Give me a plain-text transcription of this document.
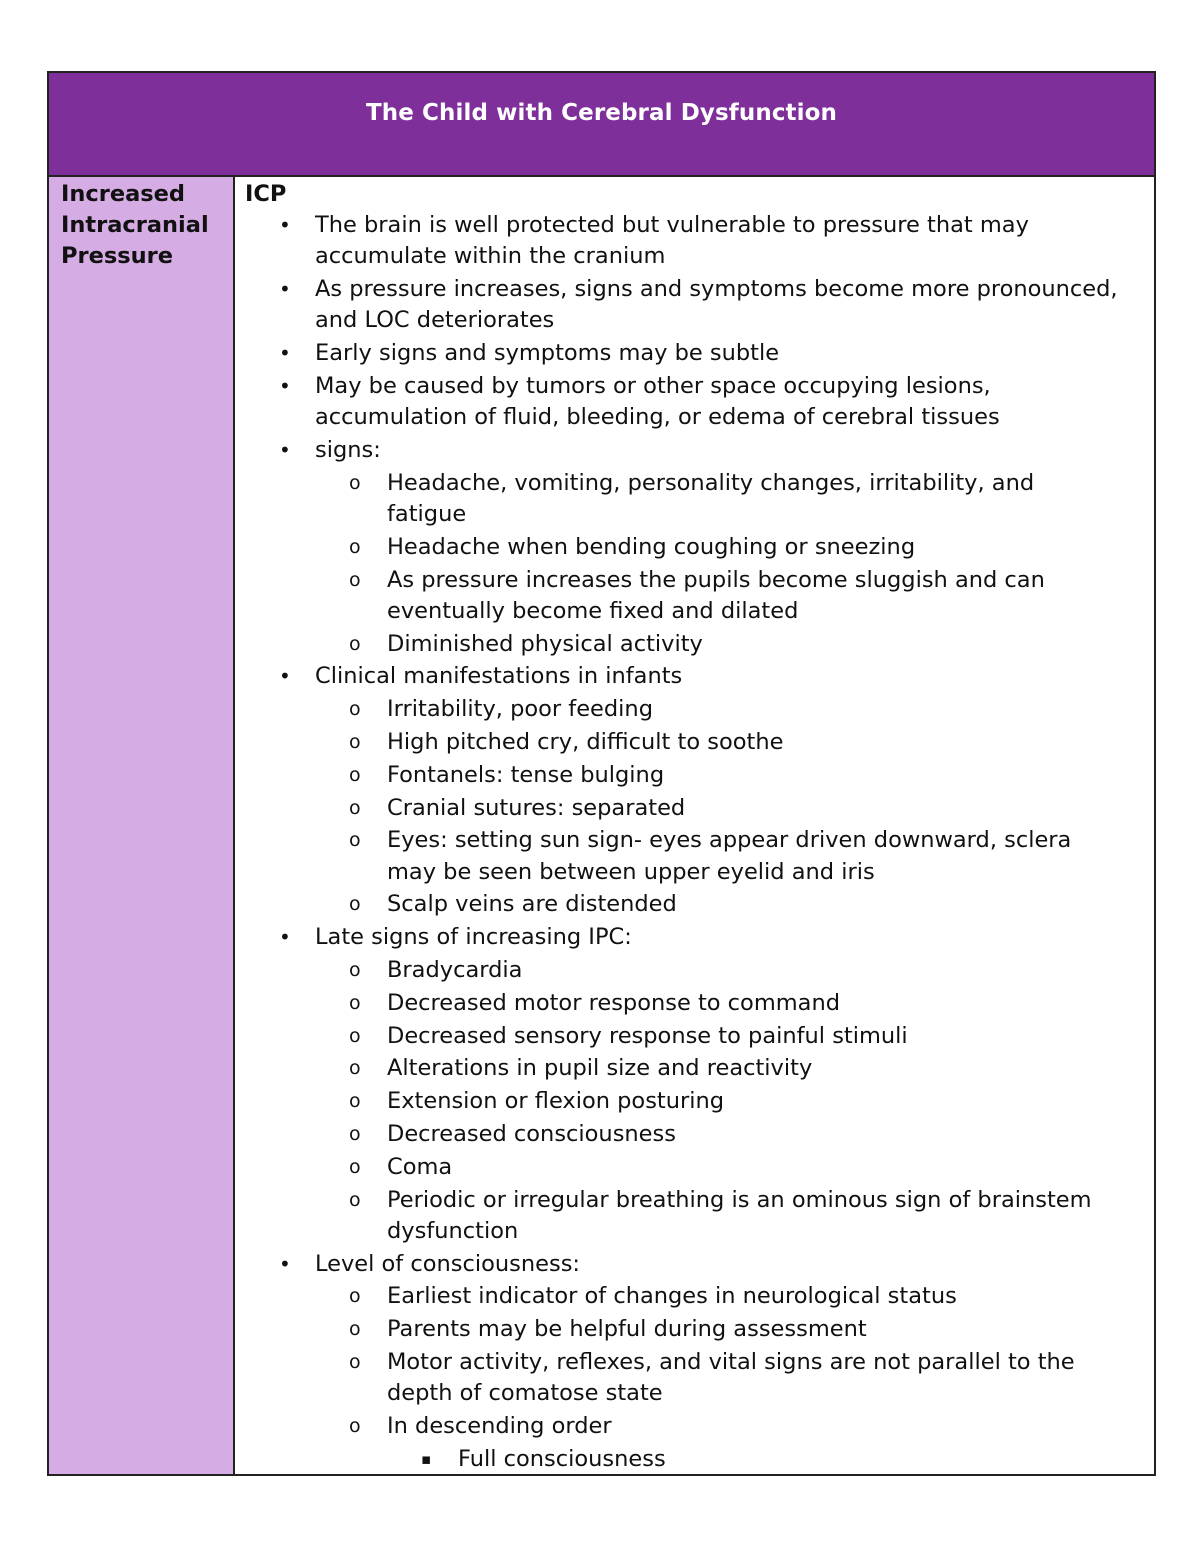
The Child with Cerebral Dysfunction

Increased
Intracranial
Pressure

ICP

• The brain is well protected but vulnerable to pressure that may accumulate within the cranium
• As pressure increases, signs and symptoms become more pronounced, and LOC deteriorates
• Early signs and symptoms may be subtle
• May be caused by tumors or other space occupying lesions, accumulation of fluid, bleeding, or edema of cerebral tissues
• signs:
o Headache, vomiting, personality changes, irritability, and fatigue
o Headache when bending coughing or sneezing
o As pressure increases the pupils become sluggish and can eventually become fixed and dilated
o Diminished physical activity
• Clinical manifestations in infants
o Irritability, poor feeding
o High pitched cry, difficult to soothe
o Fontanels: tense bulging
o Cranial sutures: separated
o Eyes: setting sun sign- eyes appear driven downward, sclera may be seen between upper eyelid and iris
o Scalp veins are distended
• Late signs of increasing IPC:
o Bradycardia
o Decreased motor response to command
o Decreased sensory response to painful stimuli
o Alterations in pupil size and reactivity
o Extension or flexion posturing
o Decreased consciousness
o Coma
o Periodic or irregular breathing is an ominous sign of brainstem dysfunction
• Level of consciousness:
o Earliest indicator of changes in neurological status
o Parents may be helpful during assessment
o Motor activity, reflexes, and vital signs are not parallel to the depth of comatose state
o In descending order
▪ Full consciousness
